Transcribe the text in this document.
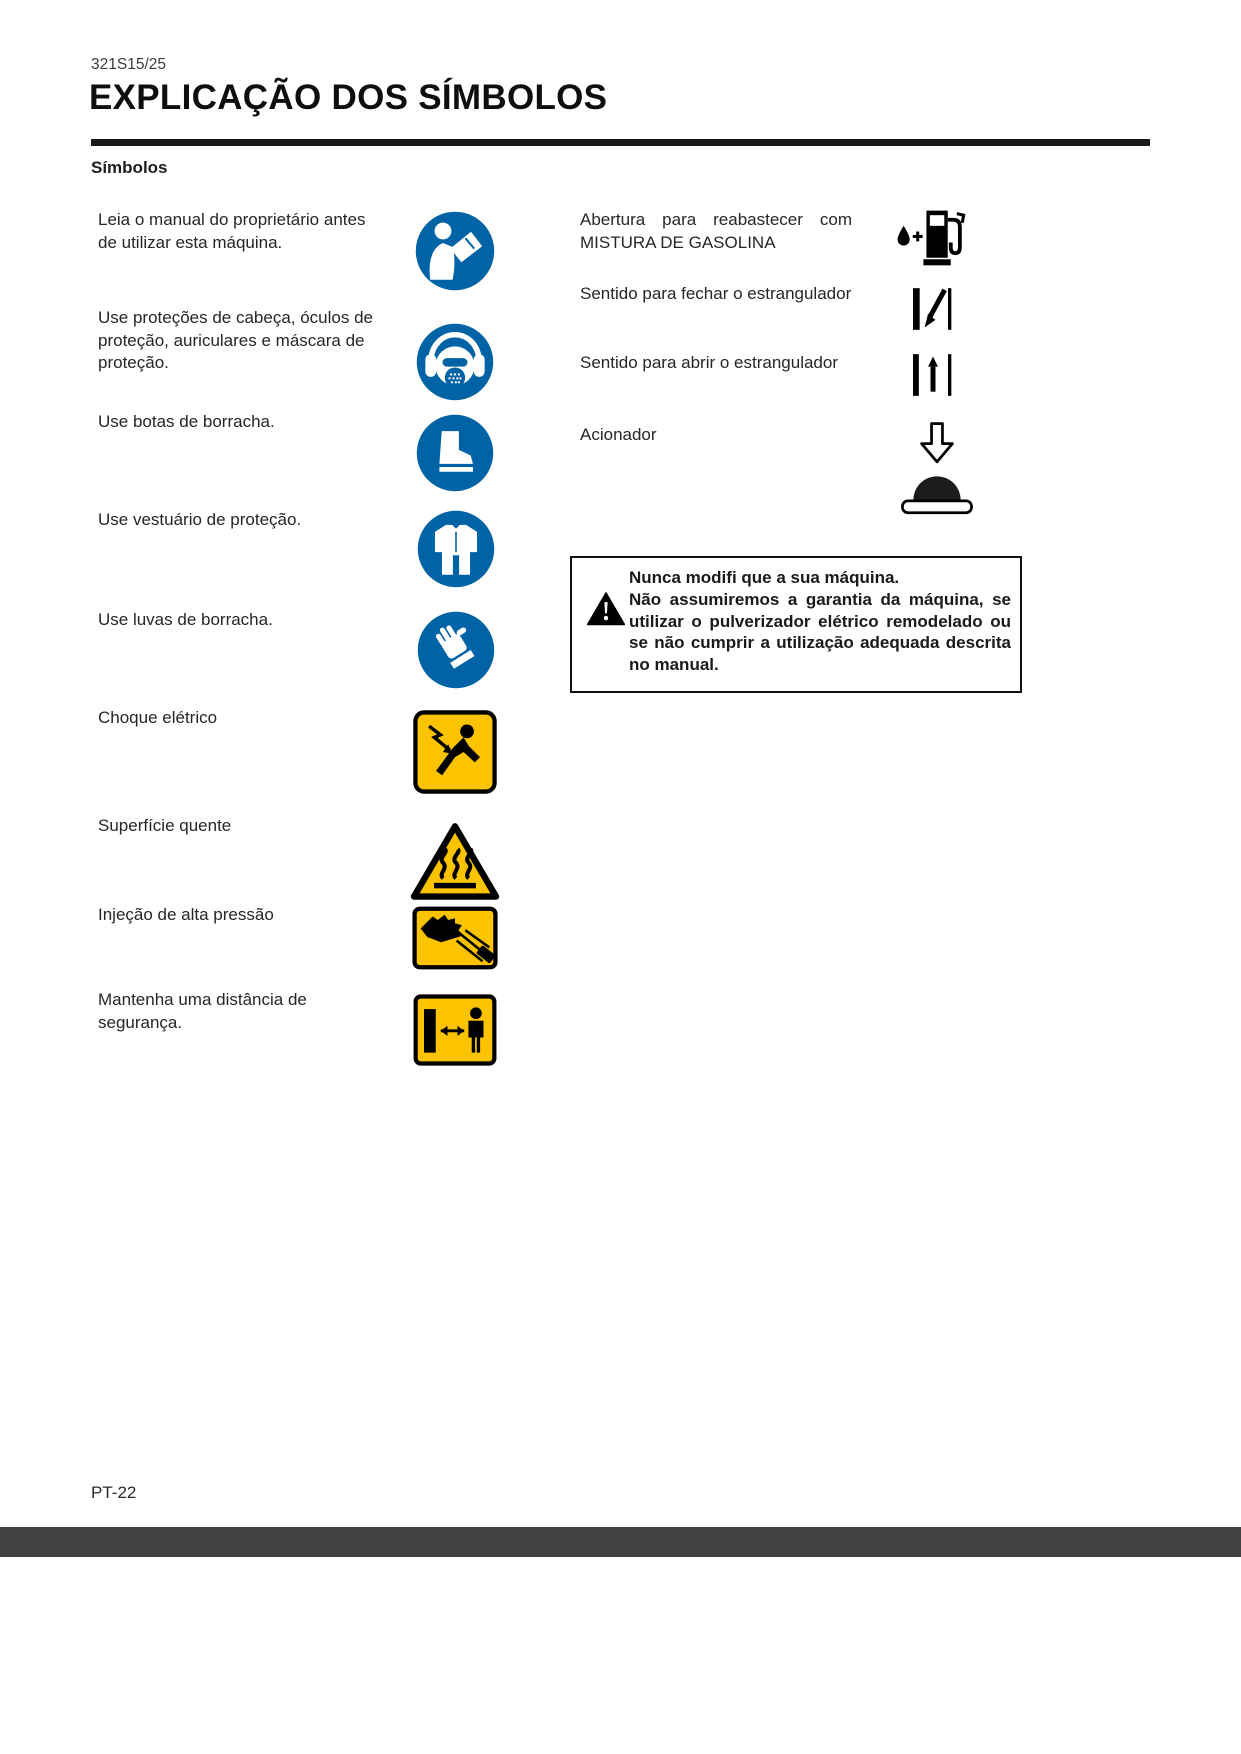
321S15/25
EXPLICAÇÃO DOS SÍMBOLOS
Símbolos
Leia o manual do proprietário antes de utilizar esta máquina.
Use proteções de cabeça, óculos de proteção, auriculares e máscara de proteção.
Use botas de borracha.
Use vestuário de proteção.
Use luvas de borracha.
Choque elétrico
Superfície quente
Injeção de alta pressão
Mantenha uma distância de segurança.
Abertura para reabastecer com MISTURA DE GASOLINA
Sentido para fechar o estrangulador
Sentido para abrir o estrangulador
Acionador
Nunca modifi que a sua máquina.
Não assumiremos a garantia da máquina, se utilizar o pulverizador elétrico remodelado ou se não cumprir a utilização adequada descrita no manual.
PT-22
